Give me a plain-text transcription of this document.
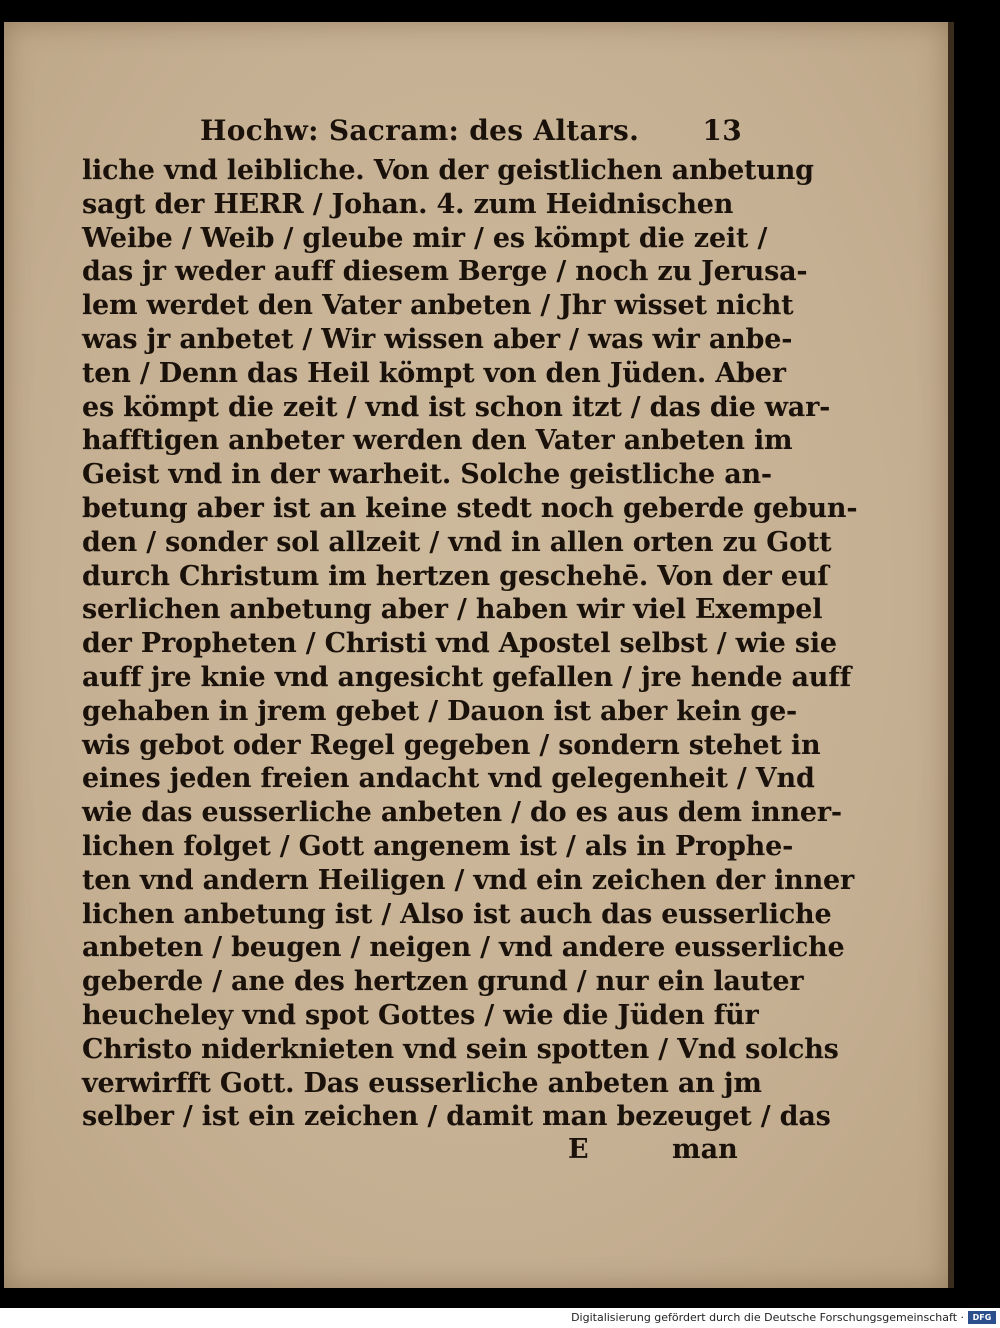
Hochw: Sacram: des Altars. 13
liche vnd leibliche. Von der geistlichen anbetung
sagt der HERR / Johan. 4. zum Heidnischen
Weibe / Weib / gleube mir / es kömpt die zeit /
das jr weder auff diesem Berge / noch zu Jerusa-
lem werdet den Vater anbeten / Jhr wisset nicht
was jr anbetet / Wir wissen aber / was wir anbe-
ten / Denn das Heil kömpt von den Jüden. Aber
es kömpt die zeit / vnd ist schon itzt / das die war-
hafftigen anbeter werden den Vater anbeten im
Geist vnd in der warheit. Solche geistliche an-
betung aber ist an keine stedt noch geberde gebun-
den / sonder sol allzeit / vnd in allen orten zu Gott
durch Christum im hertzen geschehē. Von der euſ
serlichen anbetung aber / haben wir viel Exempel
der Propheten / Christi vnd Apostel selbst / wie sie
auff jre knie vnd angesicht gefallen / jre hende auff
gehaben in jrem gebet / Dauon ist aber kein ge-
wis gebot oder Regel gegeben / sondern stehet in
eines jeden freien andacht vnd gelegenheit / Vnd
wie das eusserliche anbeten / do es aus dem inner-
lichen folget / Gott angenem ist / als in Prophe-
ten vnd andern Heiligen / vnd ein zeichen der inner
lichen anbetung ist / Also ist auch das eusserliche
anbeten / beugen / neigen / vnd andere eusserliche
geberde / ane des hertzen grund / nur ein lauter
heucheley vnd spot Gottes / wie die Jüden für
Christo niderknieten vnd sein spotten / Vnd solchs
verwirfft Gott. Das eusserliche anbeten an jm
selber / ist ein zeichen / damit man bezeuget / das
E	man
Digitalisierung gefördert durch die Deutsche Forschungsgemeinschaft ·	DFG
